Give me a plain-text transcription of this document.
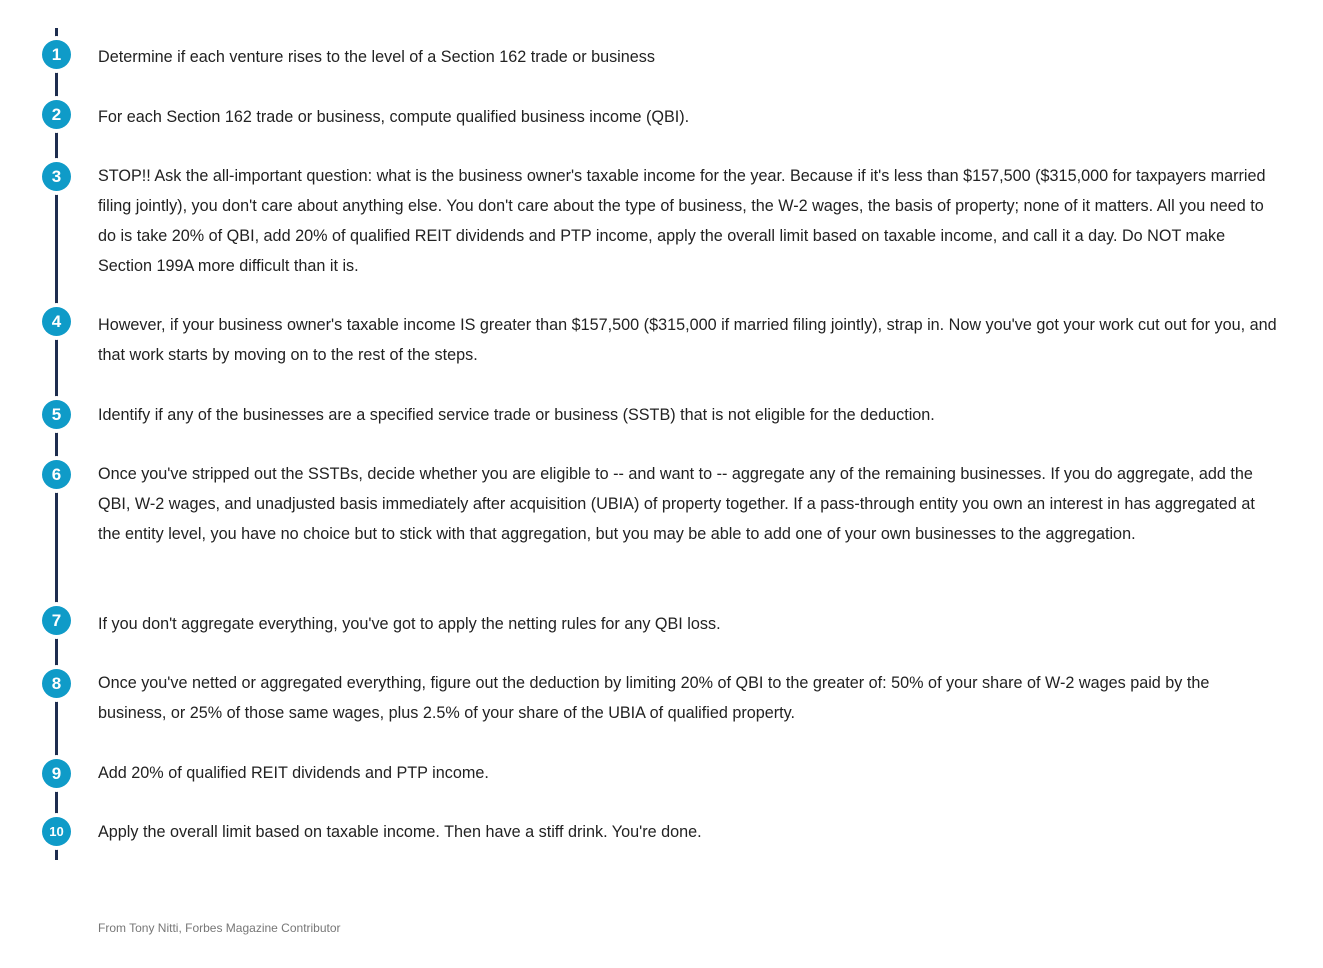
1	Determine if each venture rises to the level of a Section 162 trade or business

2	For each Section 162 trade or business, compute qualified business income (QBI).

3	STOP!! Ask the all-important question: what is the business owner's taxable income for the year. Because if it's less than $157,500 ($315,000 for taxpayers married filing jointly), you don't care about anything else. You don't care about the type of business, the W-2 wages, the basis of property; none of it matters. All you need to do is take 20% of QBI, add 20% of qualified REIT dividends and PTP income, apply the overall limit based on taxable income, and call it a day. Do NOT make Section 199A more difficult than it is.

4	However, if your business owner's taxable income IS greater than $157,500 ($315,000 if married filing jointly), strap in. Now you've got your work cut out for you, and that work starts by moving on to the rest of the steps.

5	Identify if any of the businesses are a specified service trade or business (SSTB) that is not eligible for the deduction.

6	Once you've stripped out the SSTBs, decide whether you are eligible to -- and want to -- aggregate any of the remaining businesses. If you do aggregate, add the QBI, W-2 wages, and unadjusted basis immediately after acquisition (UBIA) of property together. If a pass-through entity you own an interest in has aggregated at the entity level, you have no choice but to stick with that aggregation, but you may be able to add one of your own businesses to the aggregation.

7	If you don't aggregate everything, you've got to apply the netting rules for any QBI loss.

8	Once you've netted or aggregated everything, figure out the deduction by limiting 20% of QBI to the greater of: 50% of your share of W-2 wages paid by the business, or 25% of those same wages, plus 2.5% of your share of the UBIA of qualified property.

9	Add 20% of qualified REIT dividends and PTP income.

10	Apply the overall limit based on taxable income. Then have a stiff drink. You're done.

From Tony Nitti, Forbes Magazine Contributor
